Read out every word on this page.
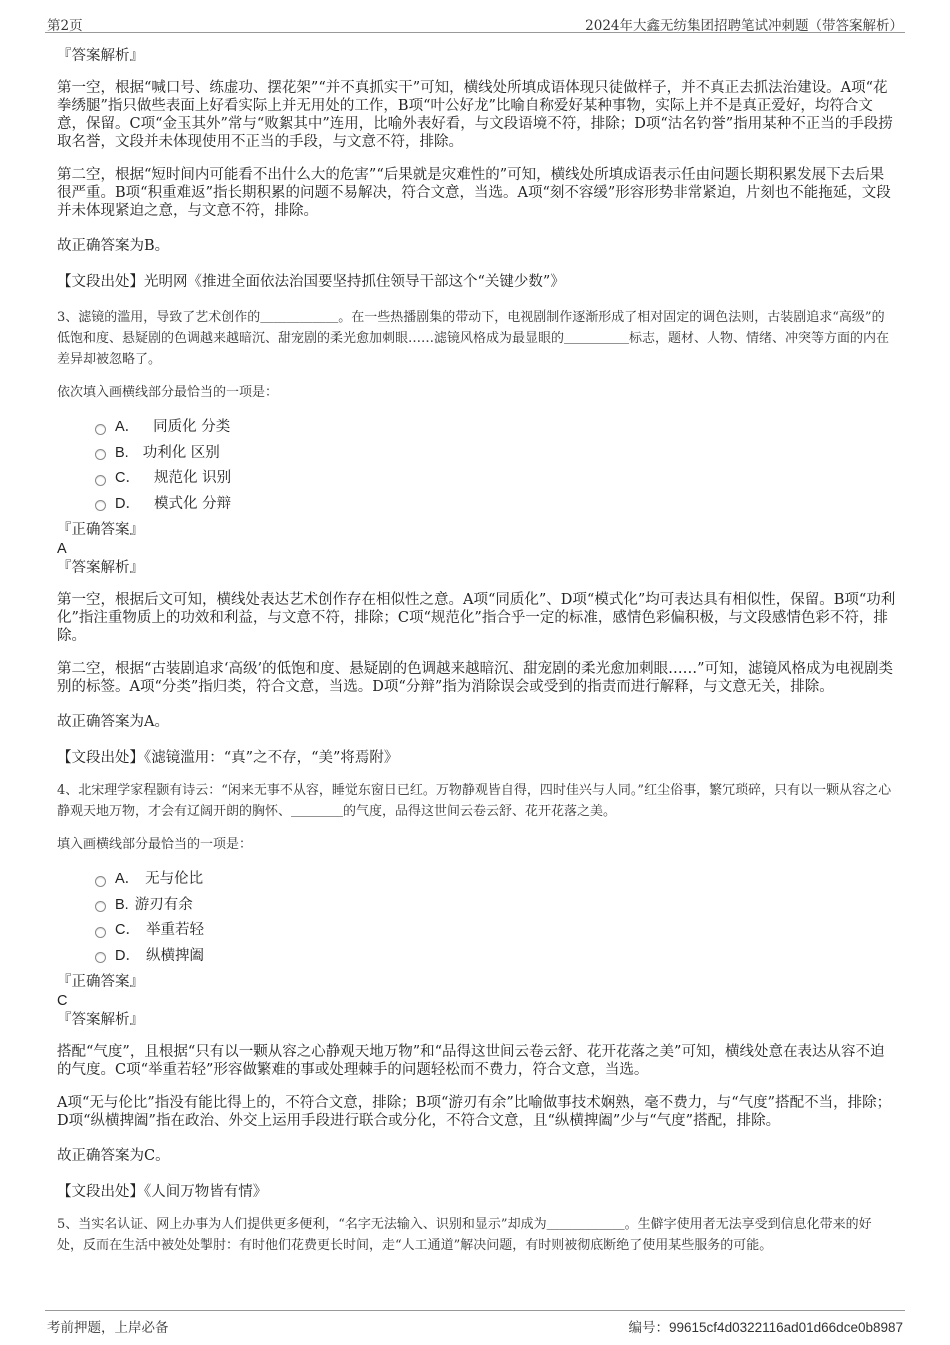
第2页	2024年大鑫无纺集团招聘笔试冲刺题（带答案解析）

『答案解析』

第一空，根据“喊口号、练虚功、摆花架”“并不真抓实干”可知，横线处所填成语体现只徒做样子，并不真正去抓法治建设。A项“花拳绣腿”指只做些表面上好看实际上并无用处的工作，B项“叶公好龙”比喻自称爱好某种事物，实际上并不是真正爱好，均符合文意，保留。C项“金玉其外”常与“败絮其中”连用，比喻外表好看，与文段语境不符，排除；D项“沽名钓誉”指用某种不正当的手段捞取名誉，文段并未体现使用不正当的手段，与文意不符，排除。

第二空，根据“短时间内可能看不出什么大的危害”“后果就是灾难性的”可知，横线处所填成语表示任由问题长期积累发展下去后果很严重。B项“积重难返”指长期积累的问题不易解决，符合文意，当选。A项“刻不容缓”形容形势非常紧迫，片刻也不能拖延，文段并未体现紧迫之意，与文意不符，排除。

故正确答案为B。

【文段出处】光明网《推进全面依法治国要坚持抓住领导干部这个“关键少数”》

3、滤镜的滥用，导致了艺术创作的＿＿＿＿＿＿。在一些热播剧集的带动下，电视剧制作逐渐形成了相对固定的调色法则，古装剧追求“高级”的低饱和度、悬疑剧的色调越来越暗沉、甜宠剧的柔光愈加刺眼……滤镜风格成为最显眼的＿＿＿＿＿标志，题材、人物、情绪、冲突等方面的内在差异却被忽略了。

依次填入画横线部分最恰当的一项是：

A． 同质化 分类
B. 功利化 区别
C． 规范化 识别
D． 模式化 分辩

『正确答案』

A

『答案解析』

第一空，根据后文可知，横线处表达艺术创作存在相似性之意。A项“同质化”、D项“模式化”均可表达具有相似性，保留。B项“功利化”指注重物质上的功效和利益，与文意不符，排除；C项“规范化”指合乎一定的标准，感情色彩偏积极，与文段感情色彩不符，排除。

第二空，根据“古装剧追求‘高级’的低饱和度、悬疑剧的色调越来越暗沉、甜宠剧的柔光愈加刺眼……”可知，滤镜风格成为电视剧类别的标签。A项“分类”指归类，符合文意，当选。D项“分辩”指为消除误会或受到的指责而进行解释，与文意无关，排除。

故正确答案为A。

【文段出处】《滤镜滥用：“真”之不存，“美”将焉附》

4、北宋理学家程颢有诗云：“闲来无事不从容，睡觉东窗日已红。万物静观皆自得，四时佳兴与人同。”红尘俗事，繁冗琐碎，只有以一颗从容之心静观天地万物，才会有辽阔开朗的胸怀、＿＿＿＿的气度，品得这世间云卷云舒、花开花落之美。

填入画横线部分最恰当的一项是：

A． 无与伦比
B. 游刃有余
C． 举重若轻
D． 纵横捭阖

『正确答案』

C

『答案解析』

搭配“气度”，且根据“只有以一颗从容之心静观天地万物”和“品得这世间云卷云舒、花开花落之美”可知，横线处意在表达从容不迫的气度。C项“举重若轻”形容做繁难的事或处理棘手的问题轻松而不费力，符合文意，当选。

A项“无与伦比”指没有能比得上的，不符合文意，排除；B项“游刃有余”比喻做事技术娴熟，毫不费力，与“气度”搭配不当，排除；D项“纵横捭阖”指在政治、外交上运用手段进行联合或分化，不符合文意，且“纵横捭阖”少与“气度”搭配，排除。

故正确答案为C。

【文段出处】《人间万物皆有情》

5、当实名认证、网上办事为人们提供更多便利，“名字无法输入、识别和显示”却成为＿＿＿＿＿＿。生僻字使用者无法享受到信息化带来的好处，反而在生活中被处处掣肘：有时他们花费更长时间，走“人工通道”解决问题，有时则被彻底断绝了使用某些服务的可能。

考前押题，上岸必备	编号：99615cf4d0322116ad01d66dce0b8987
